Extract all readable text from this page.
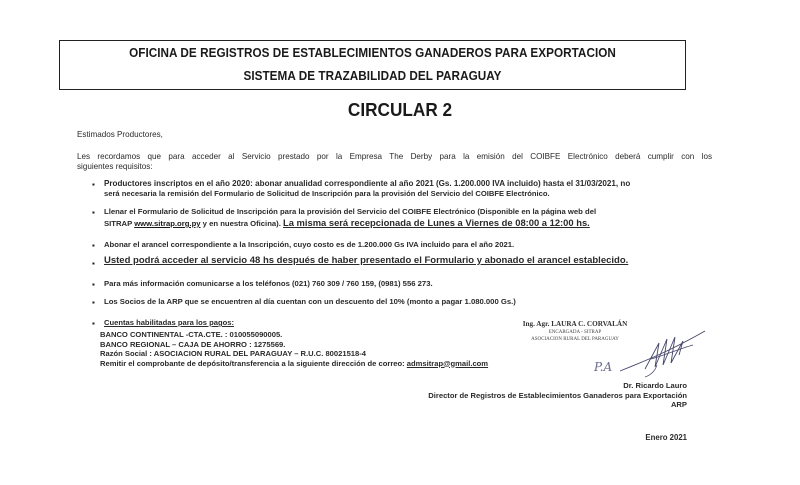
OFICINA DE REGISTROS DE ESTABLECIMIENTOS GANADEROS PARA EXPORTACION
SISTEMA DE TRAZABILIDAD DEL PARAGUAY
CIRCULAR 2
Estimados Productores,
Les recordamos que para acceder al Servicio prestado por la Empresa The Derby para la emisión del COIBFE Electrónico deberá cumplir con los
siguientes requisitos:
▪ Productores inscriptos en el año 2020: abonar anualidad correspondiente al año 2021 (Gs. 1.200.000 IVA incluido) hasta el 31/03/2021, no
será necesaria la remisión del Formulario de Solicitud de Inscripción para la provisión del Servicio del COIBFE Electrónico.
▪ Llenar el Formulario de Solicitud de Inscripción para la provisión del Servicio del COIBFE Electrónico (Disponible en la página web del
SITRAP www.sitrap.org.py y en nuestra Oficina). La misma será recepcionada de Lunes a Viernes de 08:00 a 12:00 hs.
▪ Abonar el arancel correspondiente a la Inscripción, cuyo costo es de 1.200.000 Gs IVA incluido para el año 2021.
▪ Usted podrá acceder al servicio 48 hs después de haber presentado el Formulario y abonado el arancel establecido.
▪ Para más información comunicarse a los teléfonos (021) 760 309 / 760 159, (0981) 556 273.
▪ Los Socios de la ARP que se encuentren al día cuentan con un descuento del 10% (monto a pagar 1.080.000 Gs.)
▪ Cuentas habilitadas para los pagos:
BANCO CONTINENTAL -CTA.CTE. : 010055090005.
BANCO REGIONAL – CAJA DE AHORRO : 1275569.
Razón Social : ASOCIACION RURAL DEL PARAGUAY – R.U.C. 80021518-4
Remitir el comprobante de depósito/transferencia a la siguiente dirección de correo: admsitrap@gmail.com
Ing. Agr. LAURA C. CORVALÁN
ENCARGADA - SITRAP
ASOCIACION RURAL DEL PARAGUAY
P.A
Dr. Ricardo Lauro
Director de Registros de Establecimientos Ganaderos para Exportación
ARP
Enero 2021
